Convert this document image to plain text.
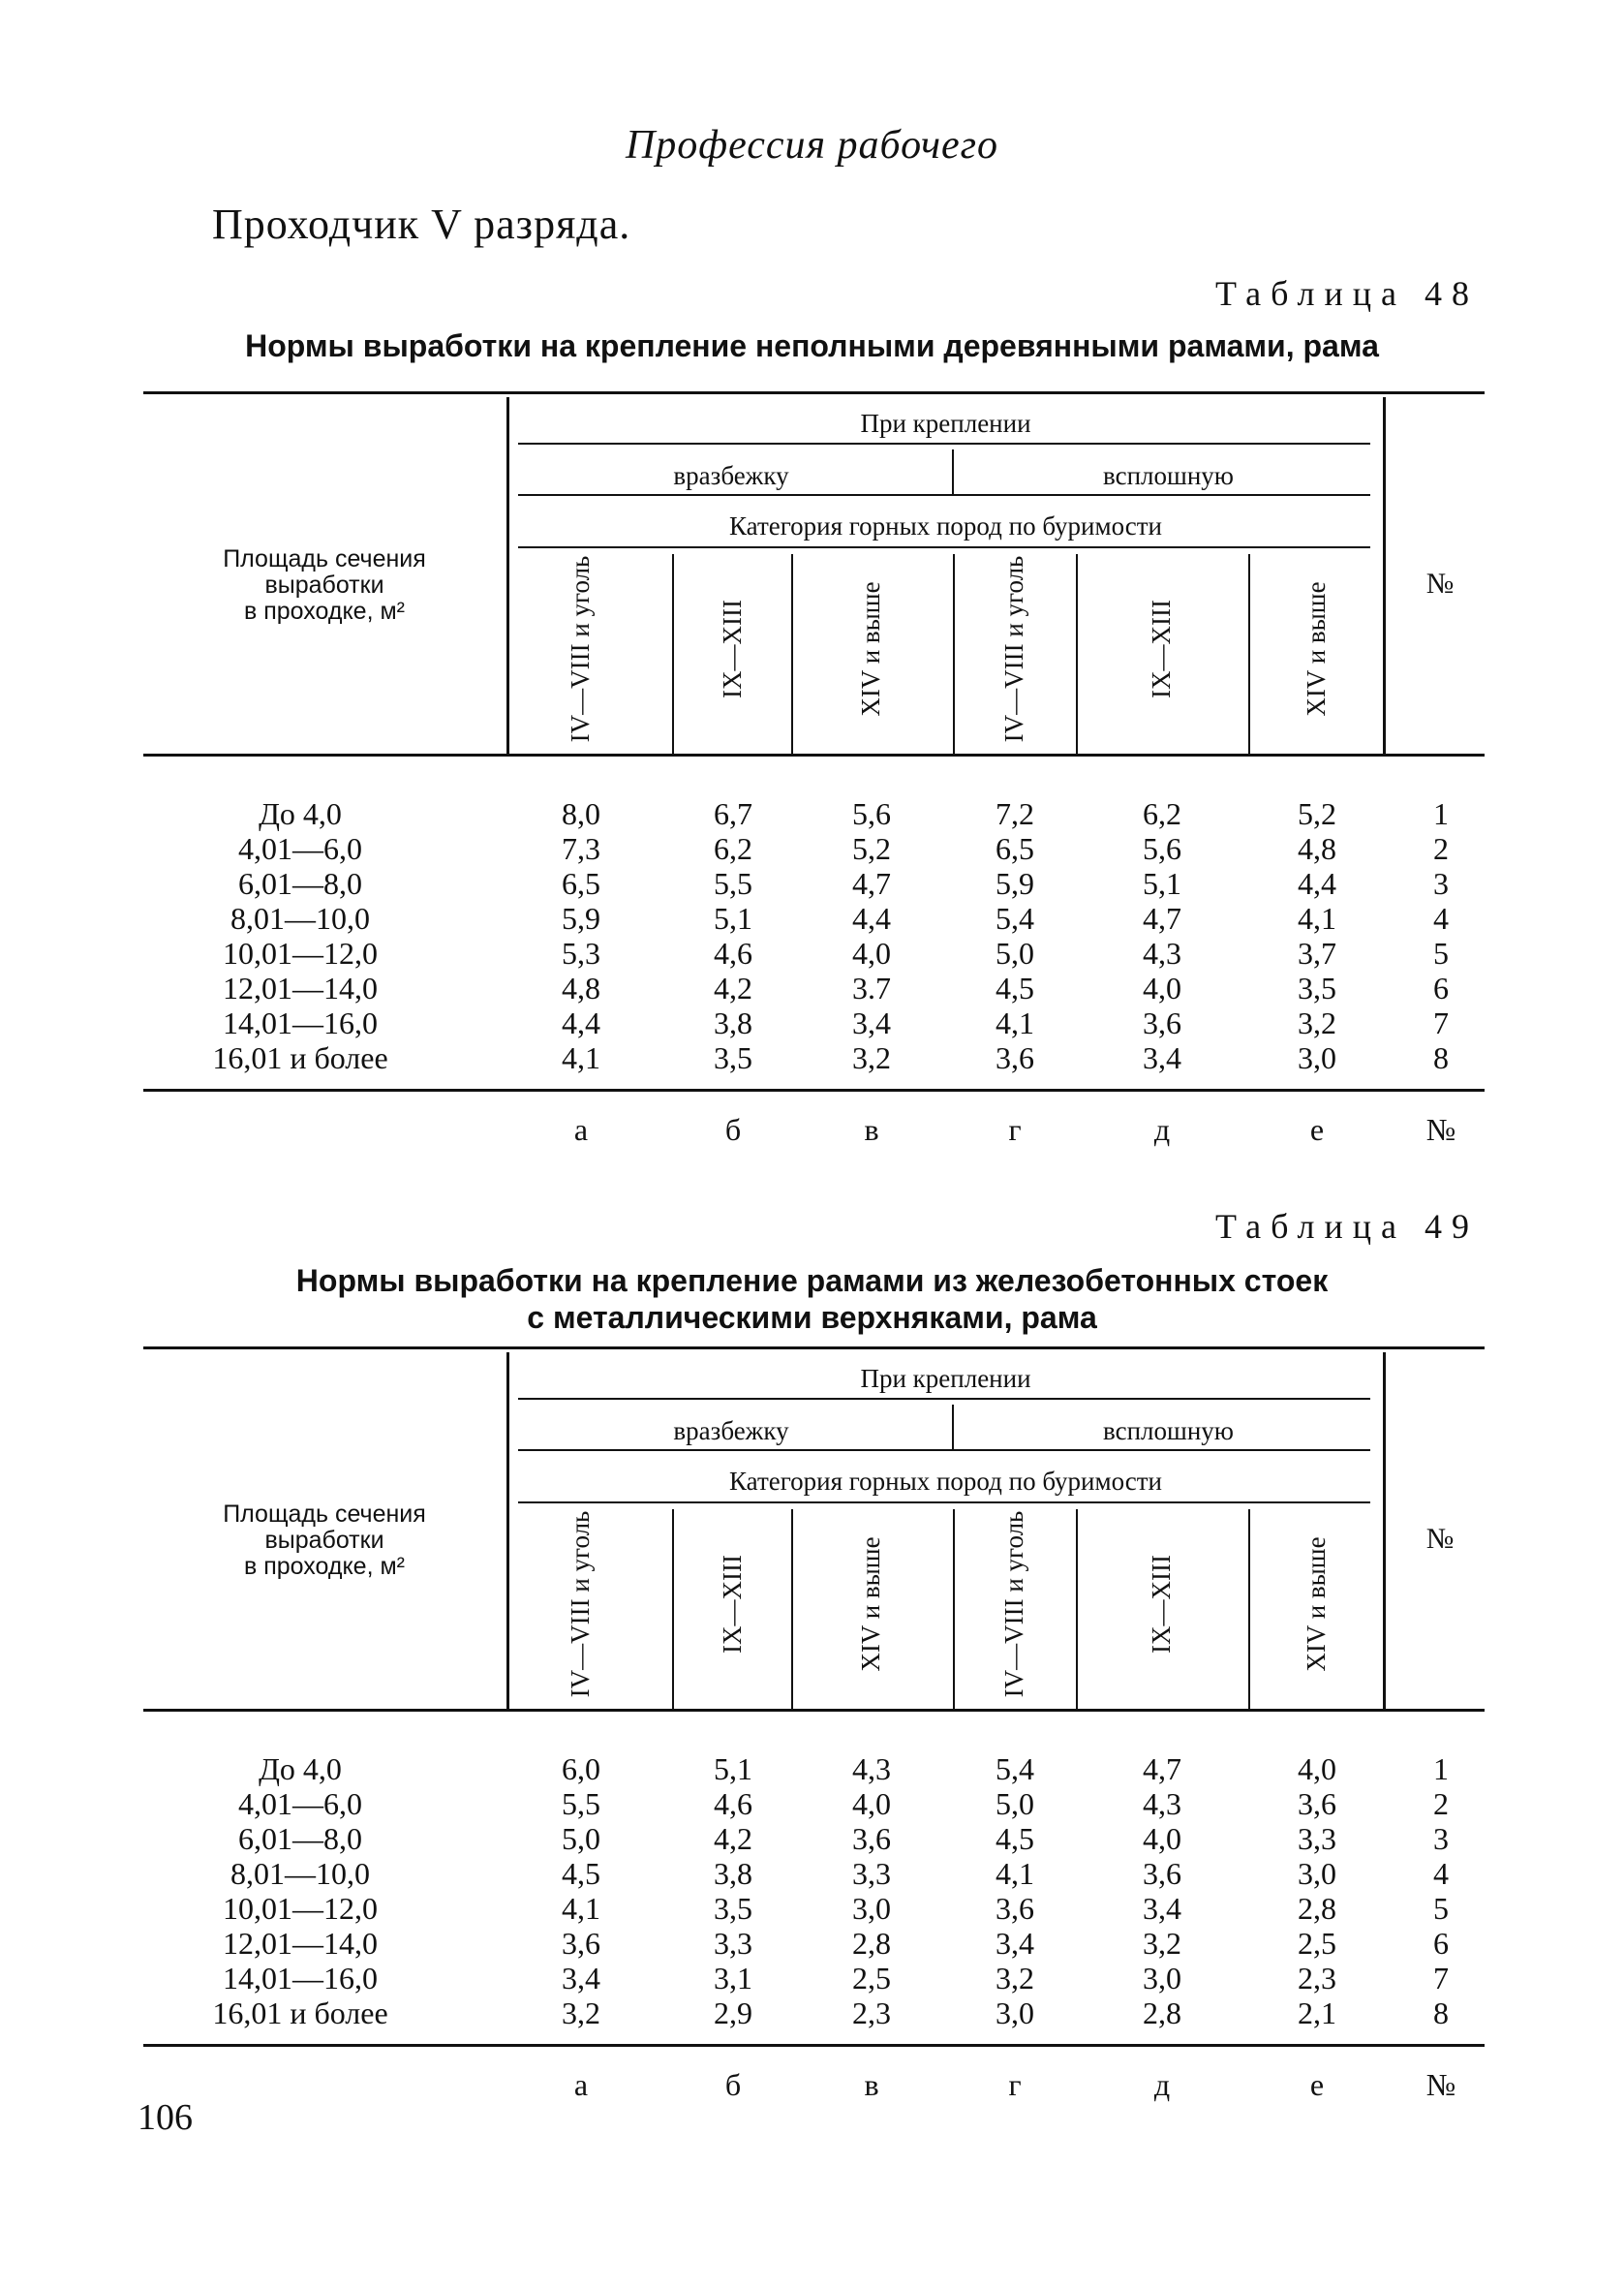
Профессия рабочего
Проходчик V разряда.
Таблица 48
Нормы выработки на крепление неполными деревянными рамами, рама
При креплении
вразбежку	всплошную
Категория горных пород по буримости
Площадь сечения
выработки
в проходке, м²
№
IV—VIII и уголь	IX—XIII	XIV и выше	IV—VIII и уголь	IX—XIII	XIV и выше
До 4,0	8,0	6,7	5,6	7,2	6,2	5,2	1
4,01—6,0	7,3	6,2	5,2	6,5	5,6	4,8	2
6,01—8,0	6,5	5,5	4,7	5,9	5,1	4,4	3
8,01—10,0	5,9	5,1	4,4	5,4	4,7	4,1	4
10,01—12,0	5,3	4,6	4,0	5,0	4,3	3,7	5
12,01—14,0	4,8	4,2	3.7	4,5	4,0	3,5	6
14,01—16,0	4,4	3,8	3,4	4,1	3,6	3,2	7
16,01 и более	4,1	3,5	3,2	3,6	3,4	3,0	8
а	б	в	г	д	е	№
Таблица 49
Нормы выработки на крепление рамами из железобетонных стоек
с металлическими верхняками, рама
При креплении
вразбежку	всплошную
Категория горных пород по буримости
Площадь сечения
выработки
в проходке, м²
№
IV—VIII и уголь	IX—XIII	XIV и выше	IV—VIII и уголь	IX—XIII	XIV и выше
До 4,0	6,0	5,1	4,3	5,4	4,7	4,0	1
4,01—6,0	5,5	4,6	4,0	5,0	4,3	3,6	2
6,01—8,0	5,0	4,2	3,6	4,5	4,0	3,3	3
8,01—10,0	4,5	3,8	3,3	4,1	3,6	3,0	4
10,01—12,0	4,1	3,5	3,0	3,6	3,4	2,8	5
12,01—14,0	3,6	3,3	2,8	3,4	3,2	2,5	6
14,01—16,0	3,4	3,1	2,5	3,2	3,0	2,3	7
16,01 и более	3,2	2,9	2,3	3,0	2,8	2,1	8
а	б	в	г	д	е	№
106
